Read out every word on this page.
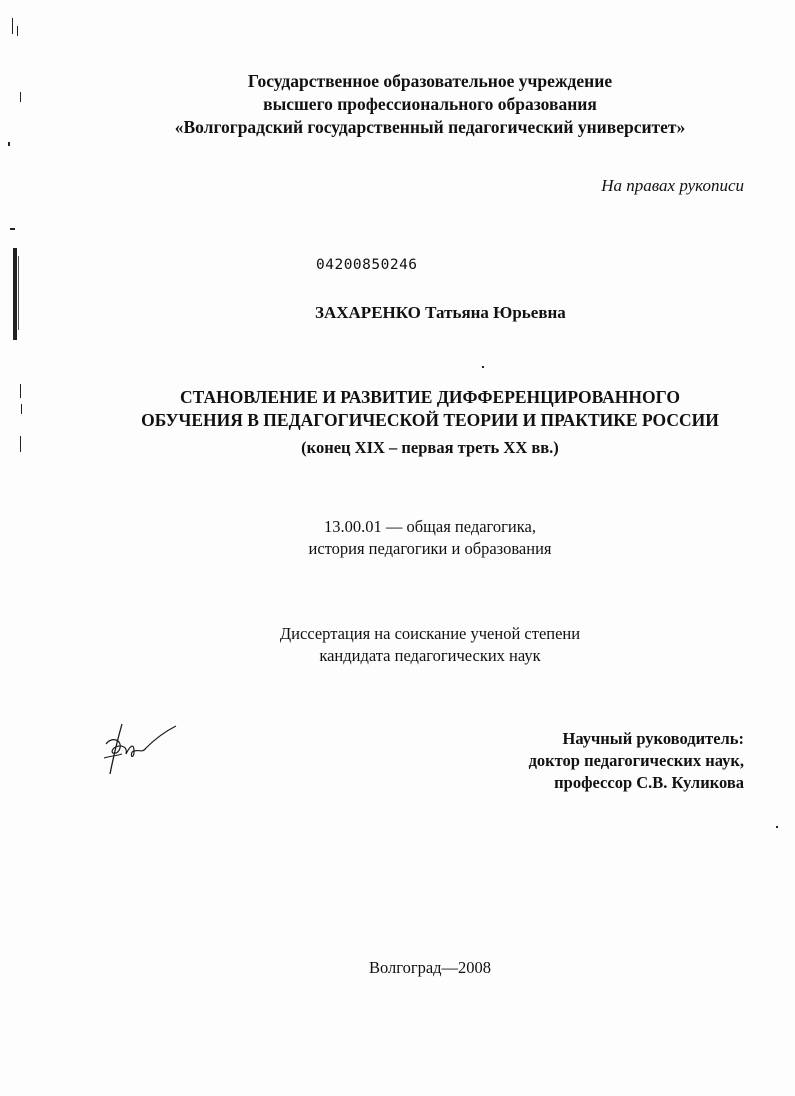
Государственное образовательное учреждение
высшего профессионального образования
«Волгоградский государственный педагогический университет»
На правах рукописи
04200850246
ЗАХАРЕНКО Татьяна Юрьевна
СТАНОВЛЕНИЕ И РАЗВИТИЕ ДИФФЕРЕНЦИРОВАННОГО
ОБУЧЕНИЯ В ПЕДАГОГИЧЕСКОЙ ТЕОРИИ И ПРАКТИКЕ РОССИИ
(конец XIX – первая треть XX вв.)
13.00.01 — общая педагогика,
история педагогики и образования
Диссертация на соискание ученой степени
кандидата педагогических наук
Научный руководитель:
доктор педагогических наук,
профессор С.В. Куликова
Волгоград—2008
